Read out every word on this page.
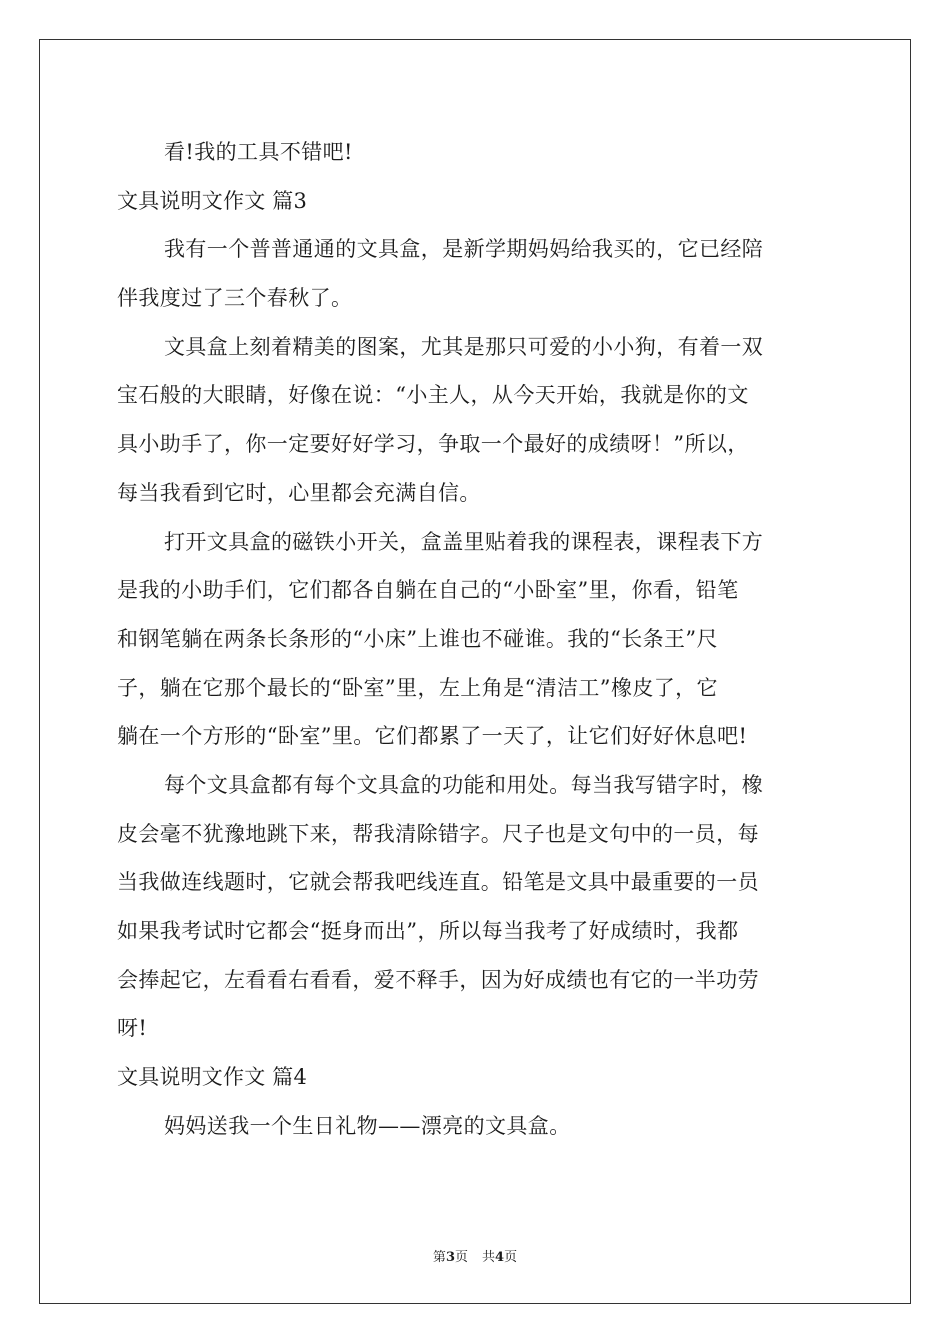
看!我的工具不错吧!
文具说明文作文 篇3
我有一个普普通通的文具盒，是新学期妈妈给我买的，它已经陪
伴我度过了三个春秋了。
文具盒上刻着精美的图案，尤其是那只可爱的小小狗，有着一双
宝石般的大眼睛，好像在说：“小主人，从今天开始，我就是你的文
具小助手了，你一定要好好学习，争取一个最好的成绩呀！”所以，
每当我看到它时，心里都会充满自信。
打开文具盒的磁铁小开关，盒盖里贴着我的课程表，课程表下方
是我的小助手们，它们都各自躺在自己的“小卧室”里，你看，铅笔
和钢笔躺在两条长条形的“小床”上谁也不碰谁。我的“长条王”尺
子，躺在它那个最长的“卧室”里，左上角是“清洁工”橡皮了，它
躺在一个方形的“卧室”里。它们都累了一天了，让它们好好休息吧!
每个文具盒都有每个文具盒的功能和用处。每当我写错字时，橡
皮会毫不犹豫地跳下来，帮我清除错字。尺子也是文句中的一员，每
当我做连线题时，它就会帮我吧线连直。铅笔是文具中最重要的一员
如果我考试时它都会“挺身而出”，所以每当我考了好成绩时，我都
会捧起它，左看看右看看，爱不释手，因为好成绩也有它的一半功劳
呀!
文具说明文作文 篇4
妈妈送我一个生日礼物——漂亮的文具盒。
第3页 共4页
